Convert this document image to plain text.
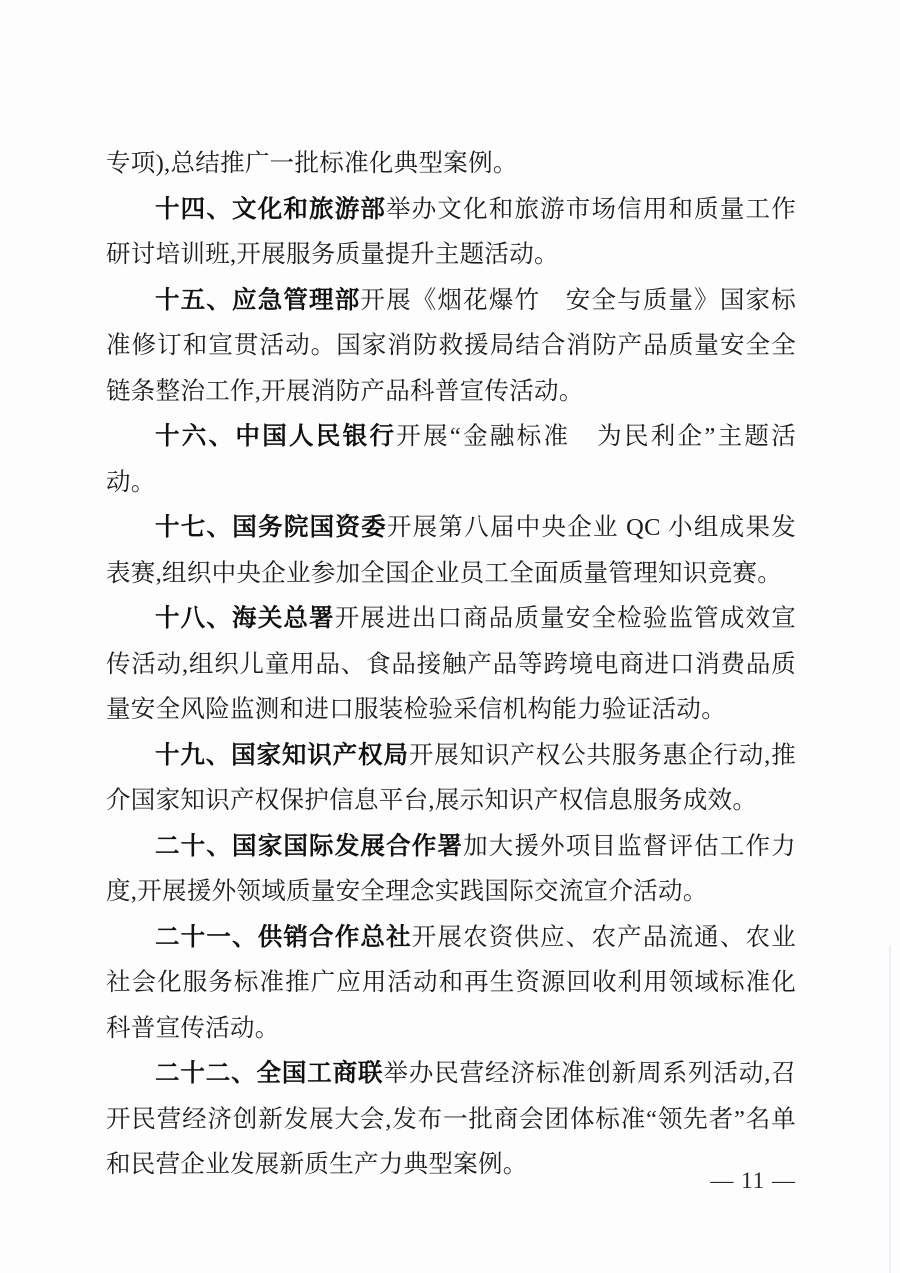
专项),总结推广一批标准化典型案例。

十四、文化和旅游部举办文化和旅游市场信用和质量工作研讨培训班,开展服务质量提升主题活动。

十五、应急管理部开展《烟花爆竹　安全与质量》国家标准修订和宣贯活动。国家消防救援局结合消防产品质量安全全链条整治工作,开展消防产品科普宣传活动。

十六、中国人民银行开展“金融标准　为民利企”主题活动。

十七、国务院国资委开展第八届中央企业 QC 小组成果发表赛,组织中央企业参加全国企业员工全面质量管理知识竞赛。

十八、海关总署开展进出口商品质量安全检验监管成效宣传活动,组织儿童用品、食品接触产品等跨境电商进口消费品质量安全风险监测和进口服装检验采信机构能力验证活动。

十九、国家知识产权局开展知识产权公共服务惠企行动,推介国家知识产权保护信息平台,展示知识产权信息服务成效。

二十、国家国际发展合作署加大援外项目监督评估工作力度,开展援外领域质量安全理念实践国际交流宣介活动。

二十一、供销合作总社开展农资供应、农产品流通、农业社会化服务标准推广应用活动和再生资源回收利用领域标准化科普宣传活动。

二十二、全国工商联举办民营经济标准创新周系列活动,召开民营经济创新发展大会,发布一批商会团体标准“领先者”名单和民营企业发展新质生产力典型案例。

— 11 —
